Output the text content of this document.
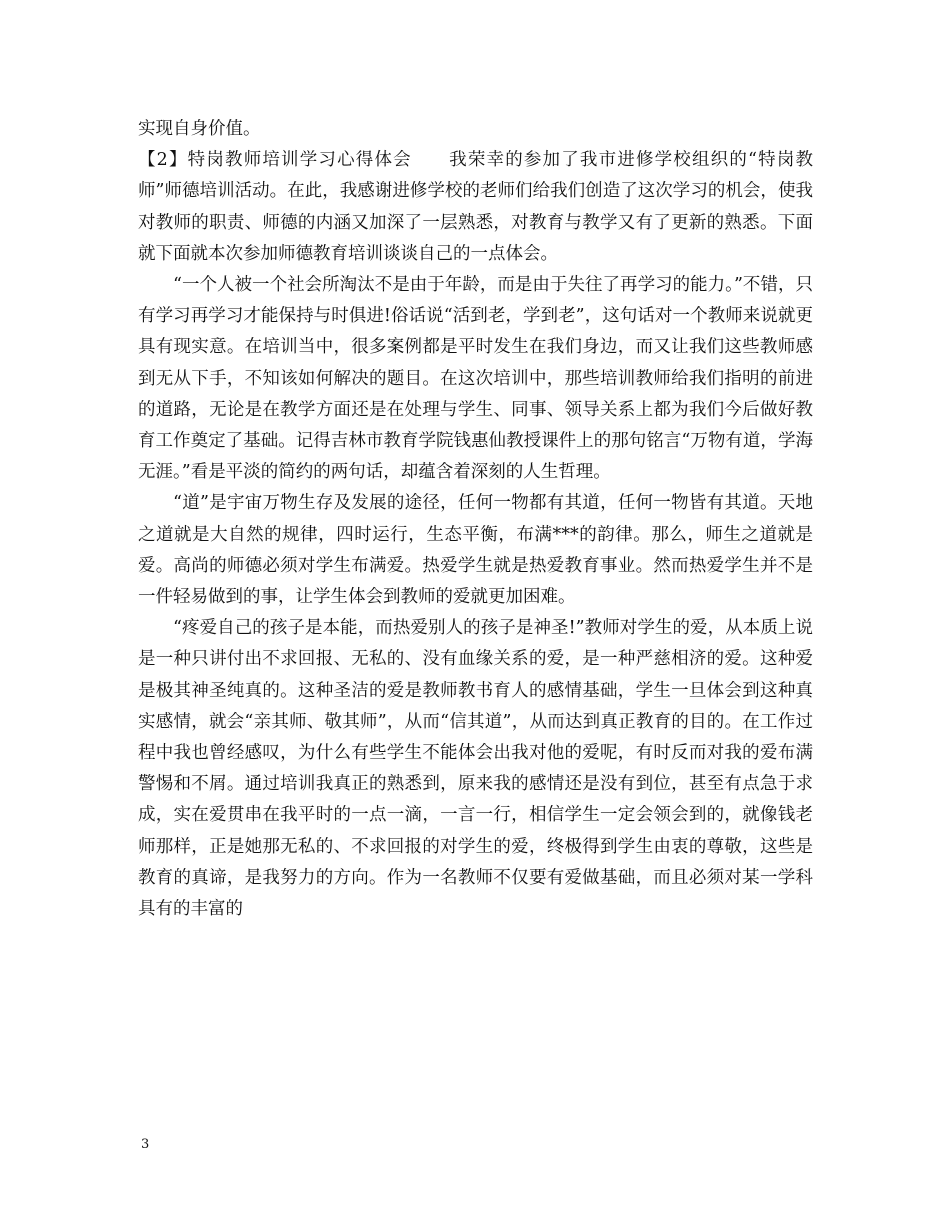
实现自身价值。

【2】特岗教师培训学习心得体会　　我荣幸的参加了我市进修学校组织的“特岗教师”师德培训活动。在此，我感谢进修学校的老师们给我们创造了这次学习的机会，使我对教师的职责、师德的内涵又加深了一层熟悉，对教育与教学又有了更新的熟悉。下面就下面就本次参加师德教育培训谈谈自己的一点体会。

“一个人被一个社会所淘汰不是由于年龄，而是由于失往了再学习的能力。”不错，只有学习再学习才能保持与时俱进!俗话说“活到老，学到老”，这句话对一个教师来说就更具有现实意。在培训当中，很多案例都是平时发生在我们身边，而又让我们这些教师感到无从下手，不知该如何解决的题目。在这次培训中，那些培训教师给我们指明的前进的道路，无论是在教学方面还是在处理与学生、同事、领导关系上都为我们今后做好教育工作奠定了基础。记得吉林市教育学院钱惠仙教授课件上的那句铭言“万物有道，学海无涯。”看是平淡的简约的两句话，却蕴含着深刻的人生哲理。

“道”是宇宙万物生存及发展的途径，任何一物都有其道，任何一物皆有其道。天地之道就是大自然的规律，四时运行，生态平衡，布满***的韵律。那么，师生之道就是爱。高尚的师德必须对学生布满爱。热爱学生就是热爱教育事业。然而热爱学生并不是一件轻易做到的事，让学生体会到教师的爱就更加困难。

“疼爱自己的孩子是本能，而热爱别人的孩子是神圣!”教师对学生的爱，从本质上说是一种只讲付出不求回报、无私的、没有血缘关系的爱，是一种严慈相济的爱。这种爱是极其神圣纯真的。这种圣洁的爱是教师教书育人的感情基础，学生一旦体会到这种真实感情，就会“亲其师、敬其师”，从而“信其道”，从而达到真正教育的目的。在工作过程中我也曾经感叹，为什么有些学生不能体会出我对他的爱呢，有时反而对我的爱布满警惕和不屑。通过培训我真正的熟悉到，原来我的感情还是没有到位，甚至有点急于求成，实在爱贯串在我平时的一点一滴，一言一行，相信学生一定会领会到的，就像钱老师那样，正是她那无私的、不求回报的对学生的爱，终极得到学生由衷的尊敬，这些是教育的真谛，是我努力的方向。作为一名教师不仅要有爱做基础，而且必须对某一学科具有的丰富的

3
